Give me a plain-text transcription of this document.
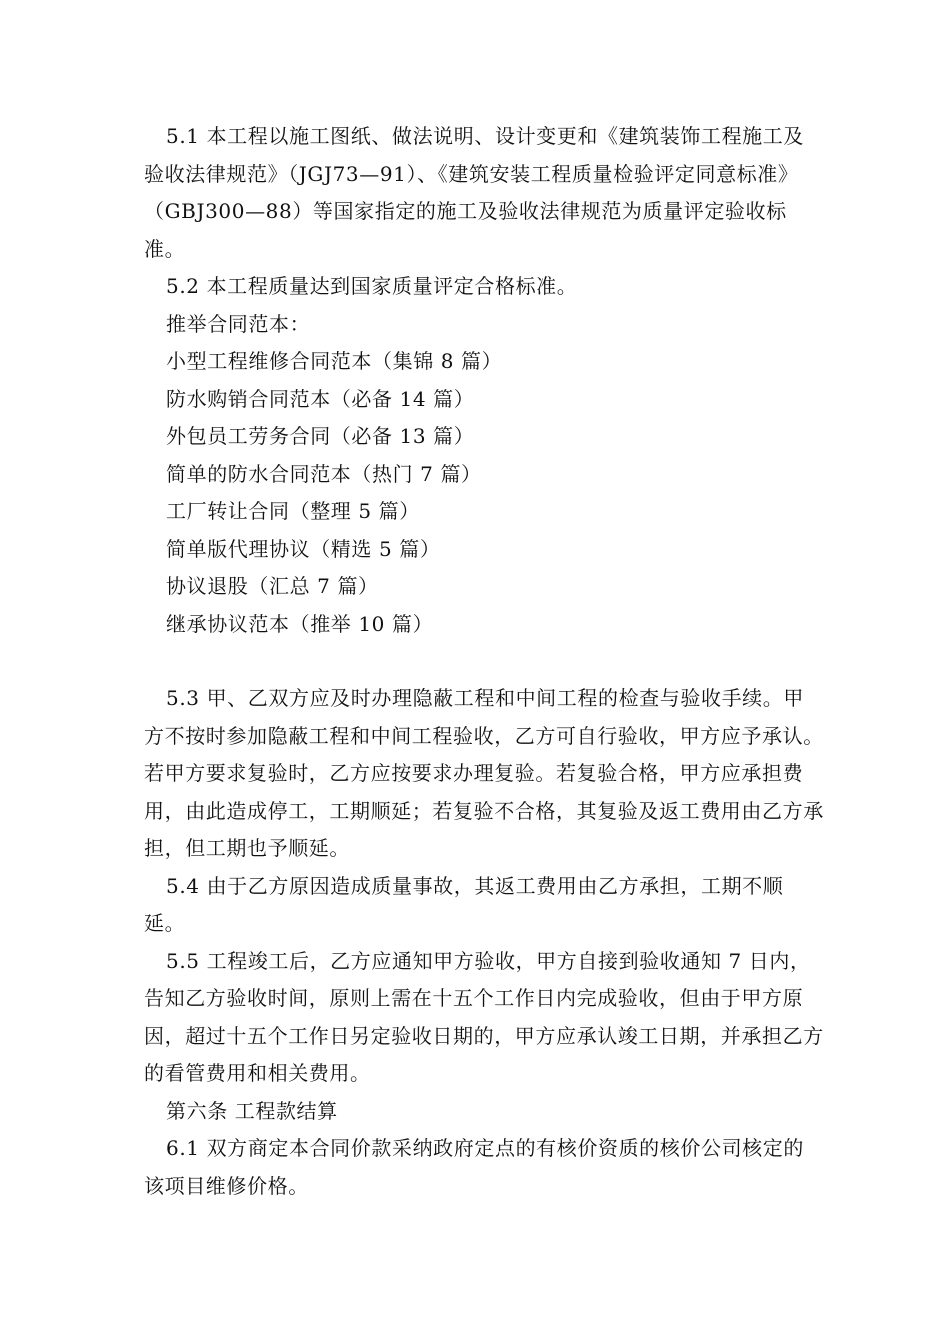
5.1 本工程以施工图纸、做法说明、设计变更和《建筑装饰工程施工及验收法律规范》（JGJ73—91）、《建筑安装工程质量检验评定同意标准》（GBJ300—88）等国家指定的施工及验收法律规范为质量评定验收标准。

5.2 本工程质量达到国家质量评定合格标准。

推举合同范本：

小型工程维修合同范本（集锦 8 篇）

防水购销合同范本（必备 14 篇）

外包员工劳务合同（必备 13 篇）

简单的防水合同范本（热门 7 篇）

工厂转让合同（整理 5 篇）

简单版代理协议（精选 5 篇）

协议退股（汇总 7 篇）

继承协议范本（推举 10 篇）

5.3 甲、乙双方应及时办理隐蔽工程和中间工程的检查与验收手续。甲方不按时参加隐蔽工程和中间工程验收，乙方可自行验收，甲方应予承认。若甲方要求复验时，乙方应按要求办理复验。若复验合格，甲方应承担费用，由此造成停工，工期顺延；若复验不合格，其复验及返工费用由乙方承担，但工期也予顺延。

5.4 由于乙方原因造成质量事故，其返工费用由乙方承担，工期不顺延。

5.5 工程竣工后，乙方应通知甲方验收，甲方自接到验收通知 7 日内，告知乙方验收时间，原则上需在十五个工作日内完成验收，但由于甲方原因，超过十五个工作日另定验收日期的，甲方应承认竣工日期，并承担乙方的看管费用和相关费用。

第六条 工程款结算

6.1 双方商定本合同价款采纳政府定点的有核价资质的核价公司核定的该项目维修价格。
